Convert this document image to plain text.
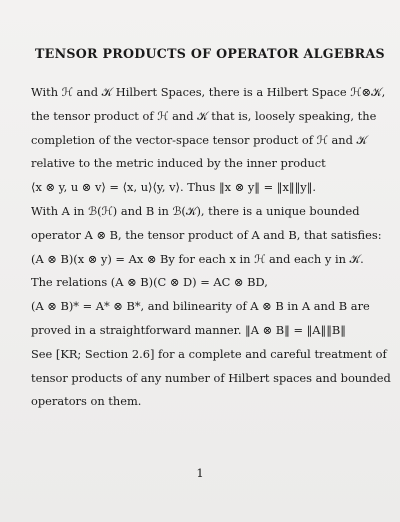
TENSOR PRODUCTS OF OPERATOR ALGEBRAS
With ℋ and 𝒦 Hilbert Spaces, there is a Hilbert Space ℋ⊗𝒦,
the tensor product of ℋ and 𝒦 that is, loosely speaking, the
completion of the vector-space tensor product of ℋ and 𝒦
relative to the metric induced by the inner product
⟨x ⊗ y, u ⊗ v⟩ = ⟨x, u⟩⟨y, v⟩. Thus ‖x ⊗ y‖ = ‖x‖‖y‖.
With A in ℬ(ℋ) and B in ℬ(𝒦), there is a unique bounded
operator A ⊗ B, the tensor product of A and B, that satisfies:
(A ⊗ B)(x ⊗ y) = Ax ⊗ By for each x in ℋ and each y in 𝒦.
The relations (A ⊗ B)(C ⊗ D) = AC ⊗ BD,
(A ⊗ B)* = A* ⊗ B*, and bilinearity of A ⊗ B in A and B are
proved in a straightforward manner. ‖A ⊗ B‖ = ‖A‖‖B‖
See [KR; Section 2.6] for a complete and careful treatment of
tensor products of any number of Hilbert spaces and bounded
operators on them.
1
